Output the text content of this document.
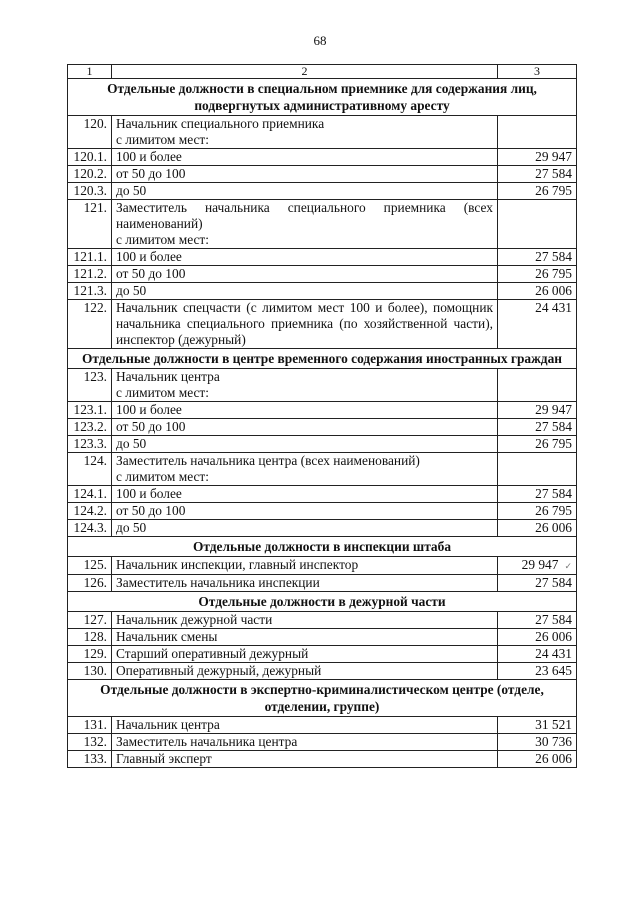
68
1	2	3
Отдельные должности в специальном приемнике для содержания лиц, подвергнутых административному аресту		
120.	Начальник специального приемника
с лимитом мест:	

120.1.	100 и более	29 947
120.2.	от 50 до 100	27 584
120.3.	до 50	26 795
121.	Заместитель начальника специального приемника (всех наименований)
с лимитом мест:	

121.1.	100 и более	27 584
121.2.	от 50 до 100	26 795
121.3.	до 50	26 006
122.	Начальник спецчасти (с лимитом мест 100 и более), помощник начальника специального приемника (по хозяйственной части), инспектор (дежурный)	24 431
Отдельные должности в центре временного содержания иностранных граждан		
123.	Начальник центра
с лимитом мест:	

123.1.	100 и более	29 947
123.2.	от 50 до 100	27 584
123.3.	до 50	26 795
124.	Заместитель начальника центра (всех наименований)
с лимитом мест:	

124.1.	100 и более	27 584
124.2.	от 50 до 100	26 795
124.3.	до 50	26 006
Отдельные должности в инспекции штаба		
125.	Начальник инспекции, главный инспектор	29 947 ✓
126.	Заместитель начальника инспекции	27 584
Отдельные должности в дежурной части		
127.	Начальник дежурной части	27 584
128.	Начальник смены	26 006
129.	Старший оперативный дежурный	24 431
130.	Оперативный дежурный, дежурный	23 645
Отдельные должности в экспертно-криминалистическом центре (отделе, отделении, группе)		
131.	Начальник центра	31 521
132.	Заместитель начальника центра	30 736
133.	Главный эксперт	26 006
